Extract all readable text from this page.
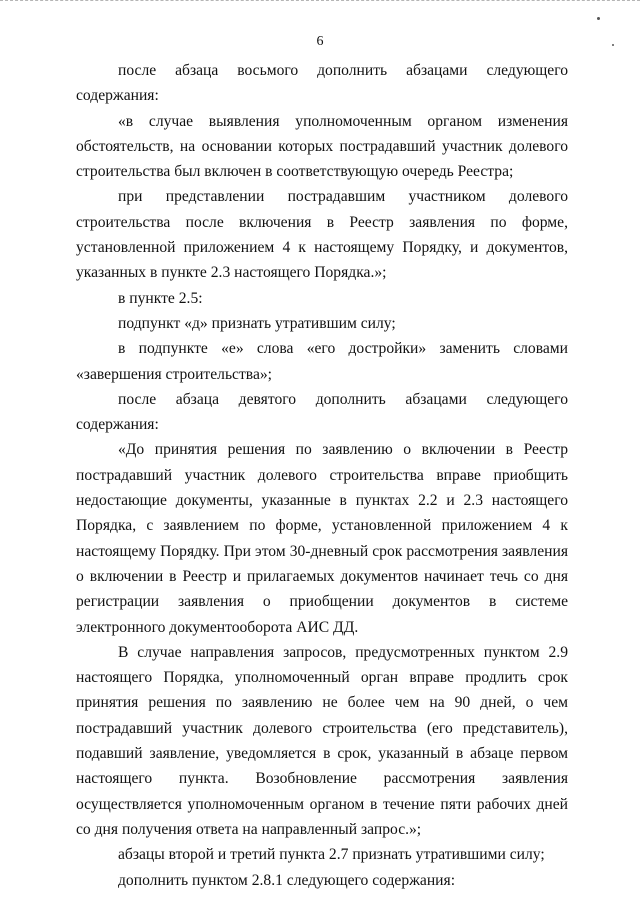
6

после абзаца восьмого дополнить абзацами следующего содержания:

«в случае выявления уполномоченным органом изменения обстоятельств, на основании которых пострадавший участник долевого строительства был включен в соответствующую очередь Реестра;

при представлении пострадавшим участником долевого строительства после включения в Реестр заявления по форме, установленной приложением 4 к настоящему Порядку, и документов, указанных в пункте 2.3 настоящего Порядка.»;

в пункте 2.5:

подпункт «д» признать утратившим силу;

в подпункте «е» слова «его достройки» заменить словами «завершения строительства»;

после абзаца девятого дополнить абзацами следующего содержания:

«До принятия решения по заявлению о включении в Реестр пострадавший участник долевого строительства вправе приобщить недостающие документы, указанные в пунктах 2.2 и 2.3 настоящего Порядка, с заявлением по форме, установленной приложением 4 к настоящему Порядку. При этом 30-дневный срок рассмотрения заявления о включении в Реестр и прилагаемых документов начинает течь со дня регистрации заявления о приобщении документов в системе электронного документооборота АИС ДД.

В случае направления запросов, предусмотренных пунктом 2.9 настоящего Порядка, уполномоченный орган вправе продлить срок принятия решения по заявлению не более чем на 90 дней, о чем пострадавший участник долевого строительства (его представитель), подавший заявление, уведомляется в срок, указанный в абзаце первом настоящего пункта. Возобновление рассмотрения заявления осуществляется уполномоченным органом в течение пяти рабочих дней со дня получения ответа на направленный запрос.»;

абзацы второй и третий пункта 2.7 признать утратившими силу;

дополнить пунктом 2.8.1 следующего содержания:
